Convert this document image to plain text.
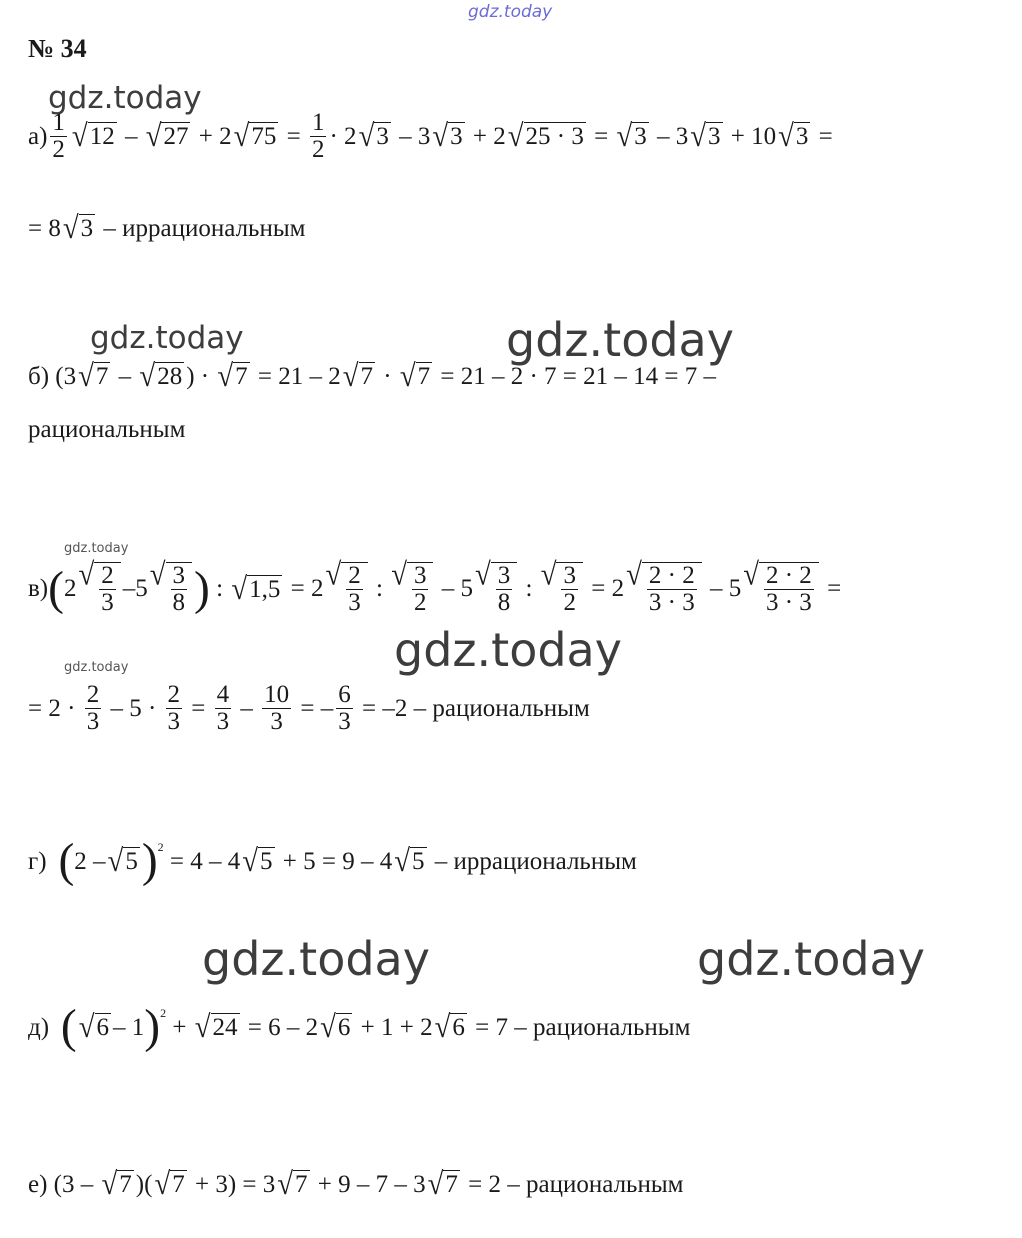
gdz.today
gdz.today
gdz.today	gdz.today
gdz.today
gdz.today
gdz.today
gdz.today	gdz.today
№ 34
$а) \frac{1}{2}$ √ 12 – √ 27 + 2 √ $75 = \frac{1}{2} \cdot 2$ √ 3 – 3 √ 3 + 2 √ 25 · 3 = √ 3 – 3 √ 3 + 10 √ 3 =
= 8 √ 3
– иррациональным
б) (3 √ 7 – √ 28 ) · √ 7 = 21 – 2 √ 7 · √ 7 = 21 – 2 · 7 = 21 – 14 = 7 –
рациональным
в) ( 2 √ $\frac{2}{3} -5$ √ $\frac{3}{8}$ ) : √ 1,5 = 2 √ $\frac{2}{3}$ : √ $\frac{3}{2} - 5$ √ $\frac{3}{8}$ : √ $\frac{3}{2} = 2$ √ $\frac{2 \cdot 2}{3 \cdot 3} - 5$ √ $\frac{2 \cdot 2}{3 \cdot 3}$ =
= $2 \cdot \frac{2}{3} - 5 \cdot \frac{2}{3} = \frac{4}{3} - \frac{10}{3}$ = – $\frac{6}{3} = -2$ – рациональным
г) ( 2 – √ 5 ) 2
= 4 – 4 √ 5 + 5 = 9 – 4 √ 5
– иррациональным
д) ( √ 6 – 1 ) 2
+ √ 24 = 6 – 2 √ 6 + 1 + 2 √ 6 = 7 – рациональным
е) (3 – √ 7 )( √ 7 + 3) = 3 √ 7 + 9 – 7 – 3 √ 7 = 2 – рациональным
